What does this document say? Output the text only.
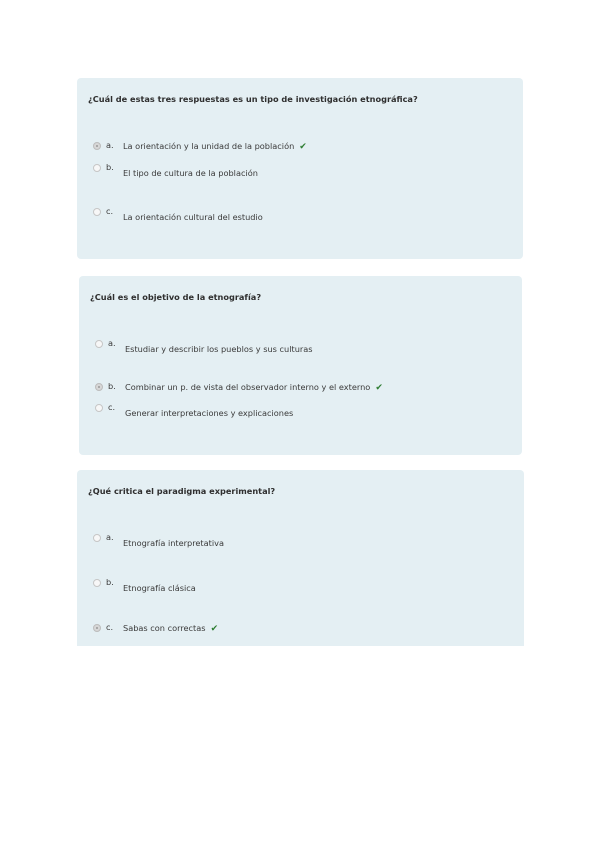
¿Cuál de estas tres respuestas es un tipo de investigación etnográfica?
a. La orientación y la unidad de la población ✔
b.
El tipo de cultura de la población
c.
La orientación cultural del estudio
¿Cuál es el objetivo de la etnografía?
a.
Estudiar y describir los pueblos y sus culturas
b. Combinar un p. de vista del observador interno y el externo ✔
c.
Generar interpretaciones y explicaciones
¿Qué critica el paradigma experimental?
a.
Etnografía interpretativa
b.
Etnografía clásica
c. Sabas con correctas ✔
